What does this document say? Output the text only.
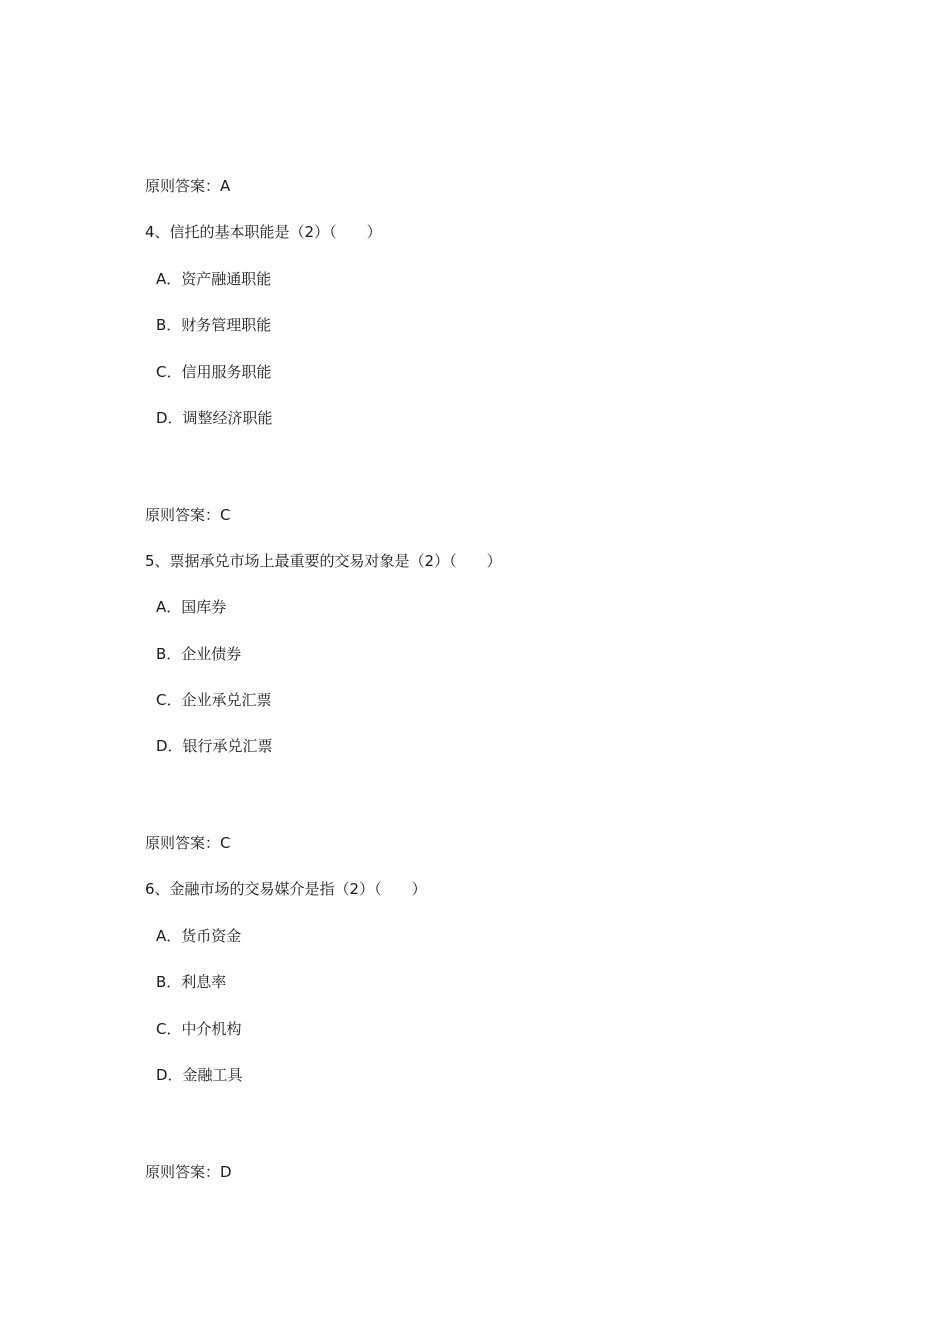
原则答案：A
4、信托的基本职能是（2）（　　）
A．资产融通职能
B．财务管理职能
C．信用服务职能
D．调整经济职能
原则答案：C
5、票据承兑市场上最重要的交易对象是（2）（　　）
A．国库券
B．企业债券
C．企业承兑汇票
D．银行承兑汇票
原则答案：C
6、金融市场的交易媒介是指（2）（　　）
A．货币资金
B．利息率
C．中介机构
D．金融工具
原则答案：D
